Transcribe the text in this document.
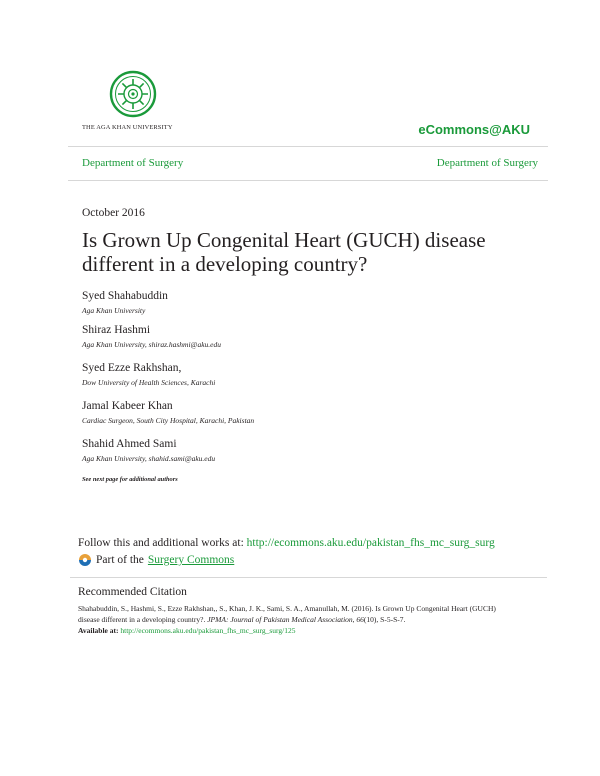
THE AGA KHAN UNIVERSITY	eCommons@AKU
Department of Surgery	Department of Surgery
October 2016
Is Grown Up Congenital Heart (GUCH) disease different in a developing country?
Syed Shahabuddin
Aga Khan University
Shiraz Hashmi
Aga Khan University, shiraz.hashmi@aku.edu
Syed Ezze Rakhshan,
Dow University of Health Sciences, Karachi
Jamal Kabeer Khan
Cardiac Surgeon, South City Hospital, Karachi, Pakistan
Shahid Ahmed Sami
Aga Khan University, shahid.sami@aku.edu
See next page for additional authors
Follow this and additional works at: http://ecommons.aku.edu/pakistan_fhs_mc_surg_surg
Part of the Surgery Commons
Recommended Citation
Shahabuddin, S., Hashmi, S., Ezze Rakhshan,, S., Khan, J. K., Sami, S. A., Amanullah, M. (2016). Is Grown Up Congenital Heart (GUCH) disease different in a developing country?. JPMA: Journal of Pakistan Medical Association, 66(10), S-5-S-7.
Available at: http://ecommons.aku.edu/pakistan_fhs_mc_surg_surg/125
